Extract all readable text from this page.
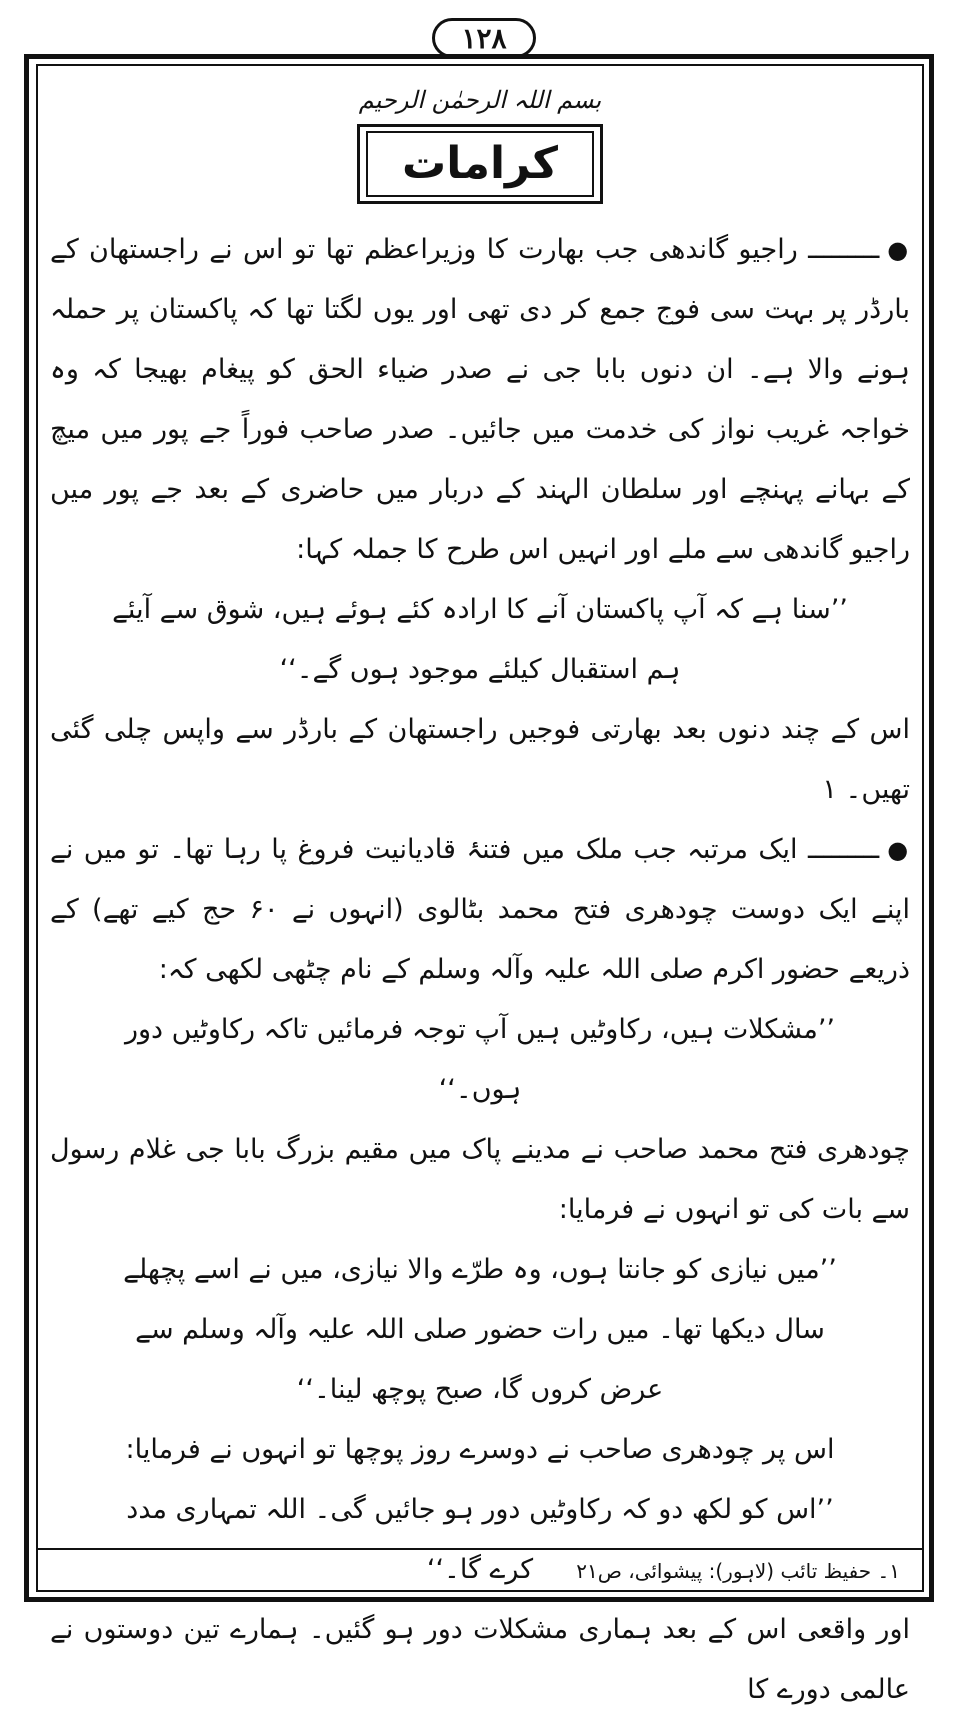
۱۲۸

بسم اللہ الرحمٰن الرحیم

کرامات

●ـــــــــ راجیو گاندھی جب بھارت کا وزیراعظم تھا تو اس نے راجستھان کے بارڈر پر بہت سی فوج جمع کر دی تھی اور یوں لگتا تھا کہ پاکستان پر حملہ ہونے والا ہے۔ ان دنوں بابا جی نے صدر ضیاء الحق کو پیغام بھیجا کہ وہ خواجہ غریب نواز کی خدمت میں جائیں۔ صدر صاحب فوراً جے پور میں میچ کے بہانے پہنچے اور سلطان الہند کے دربار میں حاضری کے بعد جے پور میں راجیو گاندھی سے ملے اور انہیں اس طرح کا جملہ کہا:

’’سنا ہے کہ آپ پاکستان آنے کا ارادہ کئے ہوئے ہیں، شوق سے آیئے ہم استقبال کیلئے موجود ہوں گے۔‘‘

اس کے چند دنوں بعد بھارتی فوجیں راجستھان کے بارڈر سے واپس چلی گئی تھیں۔ ۱

●ـــــــــ ایک مرتبہ جب ملک میں فتنۂ قادیانیت فروغ پا رہا تھا۔ تو میں نے اپنے ایک دوست چودھری فتح محمد بٹالوی (انہوں نے ۶۰ حج کیے تھے) کے ذریعے حضور اکرم صلی اللہ علیہ وآلہ وسلم کے نام چٹھی لکھی کہ:

’’مشکلات ہیں، رکاوٹیں ہیں آپ توجہ فرمائیں تاکہ رکاوٹیں دور ہوں۔‘‘

چودھری فتح محمد صاحب نے مدینے پاک میں مقیم بزرگ بابا جی غلام رسول سے بات کی تو انہوں نے فرمایا:

’’میں نیازی کو جانتا ہوں، وہ طرّے والا نیازی، میں نے اسے پچھلے سال دیکھا تھا۔ میں رات حضور صلی اللہ علیہ وآلہ وسلم سے عرض کروں گا، صبح پوچھ لینا۔‘‘

اس پر چودھری صاحب نے دوسرے روز پوچھا تو انہوں نے فرمایا:

’’اس کو لکھ دو کہ رکاوٹیں دور ہو جائیں گی۔ اللہ تمہاری مدد کرے گا۔‘‘

اور واقعی اس کے بعد ہماری مشکلات دور ہو گئیں۔ ہمارے تین دوستوں نے عالمی دورے کا

۱۔ حفیظ تائب (لاہور): پیشوائی، ص۲۱
